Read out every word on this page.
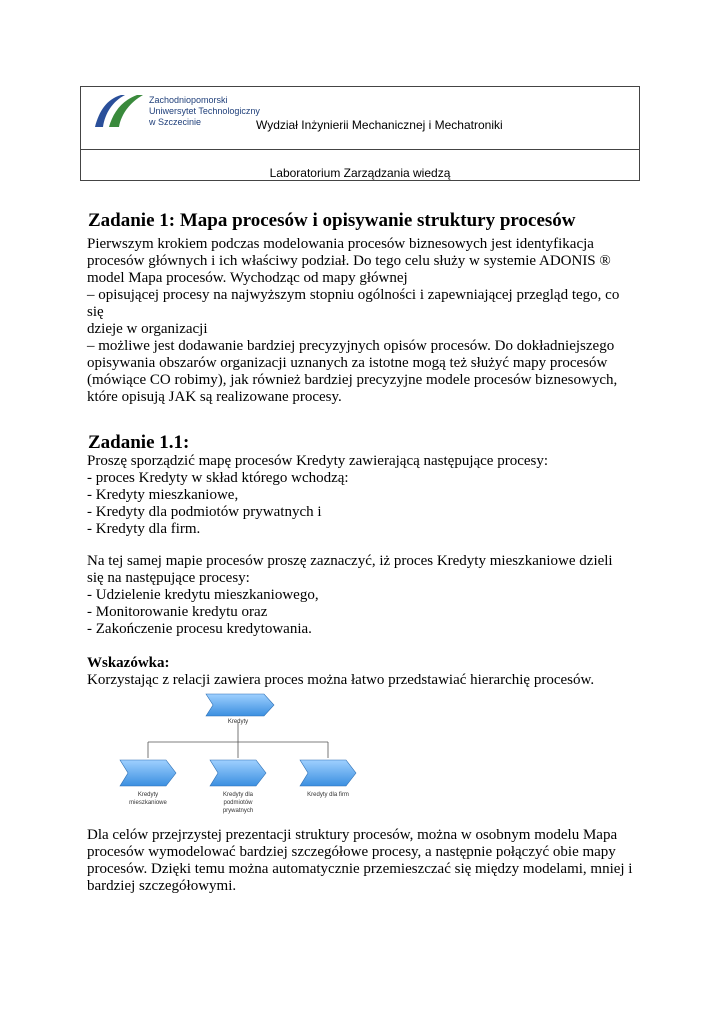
Zachodniopomorski
Uniwersytet Technologiczny
w Szczecinie	Wydział Inżynierii Mechanicznej i Mechatroniki
Laboratorium Zarządzania wiedzą
Zadanie 1: Mapa procesów i opisywanie struktury procesów

Pierwszym krokiem podczas modelowania procesów biznesowych jest identyfikacja

procesów głównych i ich właściwy podział. Do tego celu służy w systemie ADONIS ®

model Mapa procesów. Wychodząc od mapy głównej

– opisującej procesy na najwyższym stopniu ogólności i zapewniającej przegląd tego, co się

dzieje w organizacji

– możliwe jest dodawanie bardziej precyzyjnych opisów procesów. Do dokładniejszego

opisywania obszarów organizacji uznanych za istotne mogą też służyć mapy procesów

(mówiące CO robimy), jak również bardziej precyzyjne modele procesów biznesowych,

które opisują JAK są realizowane procesy.

Zadanie 1.1:

Proszę sporządzić mapę procesów Kredyty zawierającą następujące procesy:

- proces Kredyty w skład którego wchodzą:

- Kredyty mieszkaniowe,

- Kredyty dla podmiotów prywatnych i

- Kredyty dla firm.

Na tej samej mapie procesów proszę zaznaczyć, iż proces Kredyty mieszkaniowe dzieli

się na następujące procesy:

- Udzielenie kredytu mieszkaniowego,

- Monitorowanie kredytu oraz

- Zakończenie procesu kredytowania.

Wskazówka:
Korzystając z relacji zawiera proces można łatwo przedstawiać hierarchię procesów.
Kredyty
Kredyty
mieszkaniowe
Kredyty dla
podmiotów
prywatnych
Kredyty dla firm

Dla celów przejrzystej prezentacji struktury procesów, można w osobnym modelu Mapa

procesów wymodelować bardziej szczegółowe procesy, a następnie połączyć obie mapy

procesów. Dzięki temu można automatycznie przemieszczać się między modelami, mniej i

bardziej szczegółowymi.
